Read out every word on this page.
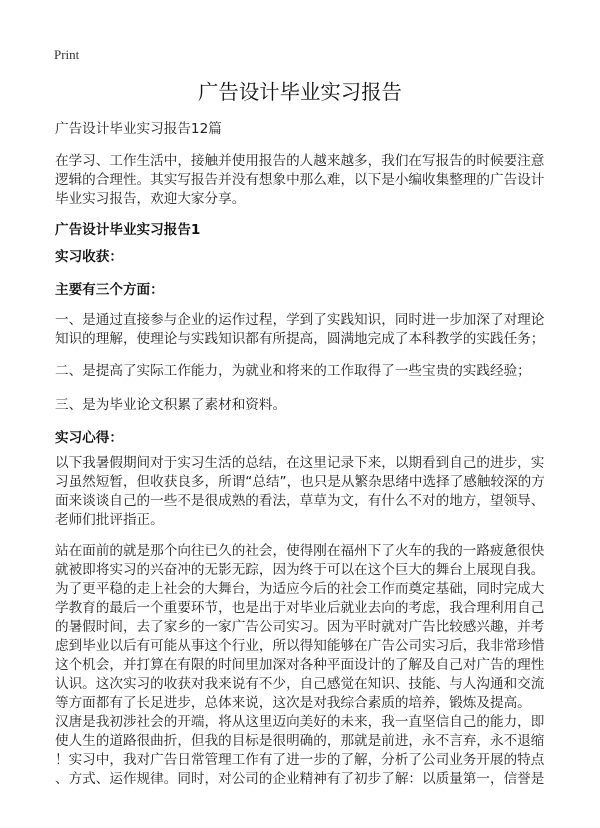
Print
广告设计毕业实习报告
广告设计毕业实习报告12篇
在学习、工作生活中，接触并使用报告的人越来越多，我们在写报告的时候要注意
逻辑的合理性。其实写报告并没有想象中那么难，以下是小编收集整理的广告设计
毕业实习报告，欢迎大家分享。
广告设计毕业实习报告1
实习收获：
主要有三个方面：
一、是通过直接参与企业的运作过程，学到了实践知识，同时进一步加深了对理论
知识的理解，使理论与实践知识都有所提高，圆满地完成了本科教学的实践任务；
二、是提高了实际工作能力，为就业和将来的工作取得了一些宝贵的实践经验；
三、是为毕业论文积累了素材和资料。
实习心得：
以下我暑假期间对于实习生活的总结，在这里记录下来，以期看到自己的进步，实
习虽然短暂，但收获良多，所谓“总结”，也只是从繁杂思绪中选择了感触较深的方
面来谈谈自己的一些不是很成熟的看法，草草为文，有什么不对的地方，望领导、
老师们批评指正。
站在面前的就是那个向往已久的社会，使得刚在福州下了火车的我的一路疲惫很快
就被即将实习的兴奋冲的无影无踪，因为终于可以在这个巨大的舞台上展现自我。
为了更平稳的走上社会的大舞台，为适应今后的社会工作而奠定基础，同时完成大
学教育的最后一个重要环节，也是出于对毕业后就业去向的考虑，我合理利用自己
的暑假时间，去了家乡的一家广告公司实习。因为平时就对广告比较感兴趣，并考
虑到毕业以后有可能从事这个行业，所以得知能够在广告公司实习后，我非常珍惜
这个机会，并打算在有限的时间里加深对各种平面设计的了解及自己对广告的理性
认识。这次实习的收获对我来说有不少，自己感觉在知识、技能、与人沟通和交流
等方面都有了长足进步，总体来说，这次是对我综合素质的培养，锻炼及提高。
汉唐是我初涉社会的开端，将从这里迈向美好的未来，我一直坚信自己的能力，即
使人生的道路很曲折，但我的目标是很明确的，那就是前进，永不言弃，永不退缩
！实习中，我对广告日常管理工作有了进一步的了解，分析了公司业务开展的特点
、方式、运作规律。同时，对公司的企业精神有了初步了解：以质量第一，信誉是
